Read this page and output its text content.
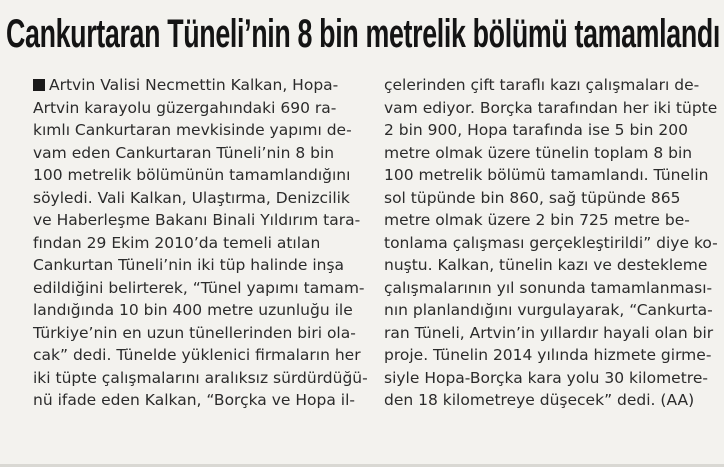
Cankurtaran Tüneli’nin 8 bin metrelik bölümü tamamlandı
Artvin Valisi Necmettin Kalkan, Hopa-
Artvin karayolu güzergahındaki 690 ra-
kımlı Cankurtaran mevkisinde yapımı de-
vam eden Cankurtaran Tüneli’nin 8 bin
100 metrelik bölümünün tamamlandığını
söyledi. Vali Kalkan, Ulaştırma, Denizcilik
ve Haberleşme Bakanı Binali Yıldırım tara-
fından 29 Ekim 2010’da temeli atılan
Cankurtan Tüneli’nin iki tüp halinde inşa
edildiğini belirterek, “Tünel yapımı tamam-
landığında 10 bin 400 metre uzunluğu ile
Türkiye’nin en uzun tünellerinden biri ola-
cak” dedi. Tünelde yüklenici firmaların her
iki tüpte çalışmalarını aralıksız sürdürdüğü-
nü ifade eden Kalkan, “Borçka ve Hopa il-
çelerinden çift taraflı kazı çalışmaları de-
vam ediyor. Borçka tarafından her iki tüpte
2 bin 900, Hopa tarafında ise 5 bin 200
metre olmak üzere tünelin toplam 8 bin
100 metrelik bölümü tamamlandı. Tünelin
sol tüpünde bin 860, sağ tüpünde 865
metre olmak üzere 2 bin 725 metre be-
tonlama çalışması gerçekleştirildi” diye ko-
nuştu. Kalkan, tünelin kazı ve destekleme
çalışmalarının yıl sonunda tamamlanması-
nın planlandığını vurgulayarak, “Cankurta-
ran Tüneli, Artvin’in yıllardır hayali olan bir
proje. Tünelin 2014 yılında hizmete girme-
siyle Hopa-Borçka kara yolu 30 kilometre-
den 18 kilometreye düşecek” dedi. (AA)
